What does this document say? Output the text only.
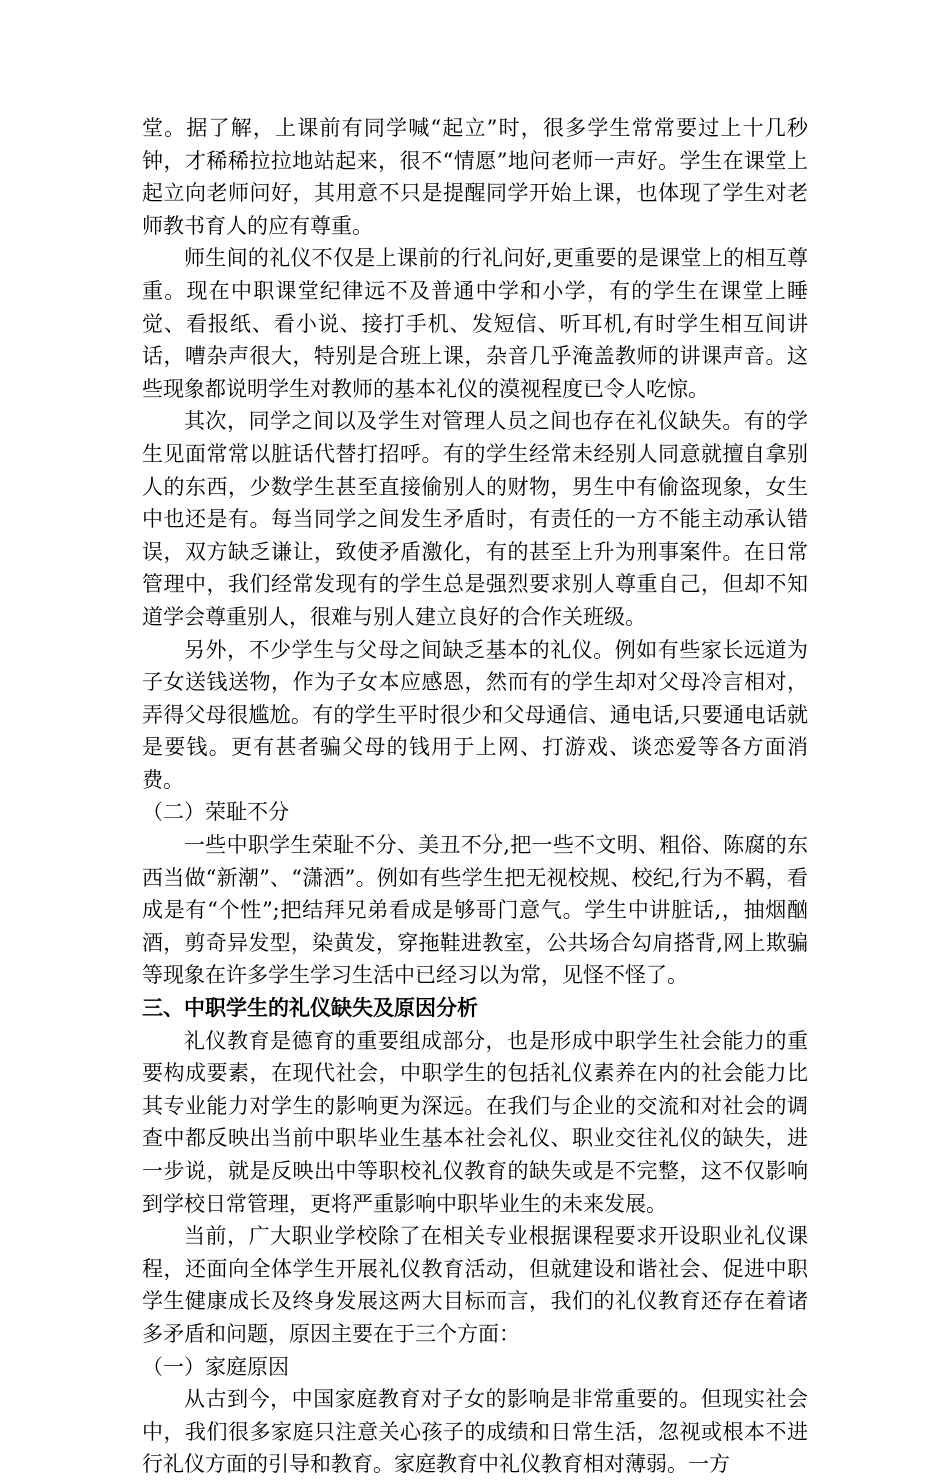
堂。据了解，上课前有同学喊“起立”时，很多学生常常要过上十几秒钟，才稀稀拉拉地站起来，很不“情愿”地问老师一声好。学生在课堂上起立向老师问好，其用意不只是提醒同学开始上课，也体现了学生对老师教书育人的应有尊重。

师生间的礼仪不仅是上课前的行礼问好,更重要的是课堂上的相互尊重。现在中职课堂纪律远不及普通中学和小学，有的学生在课堂上睡觉、看报纸、看小说、接打手机、发短信、听耳机,有时学生相互间讲话，嘈杂声很大，特别是合班上课，杂音几乎淹盖教师的讲课声音。这些现象都说明学生对教师的基本礼仪的漠视程度已令人吃惊。

其次，同学之间以及学生对管理人员之间也存在礼仪缺失。有的学生见面常常以脏话代替打招呼。有的学生经常未经别人同意就擅自拿别人的东西，少数学生甚至直接偷别人的财物，男生中有偷盗现象，女生中也还是有。每当同学之间发生矛盾时，有责任的一方不能主动承认错误，双方缺乏谦让，致使矛盾激化，有的甚至上升为刑事案件。在日常管理中，我们经常发现有的学生总是强烈要求别人尊重自己，但却不知道学会尊重别人，很难与别人建立良好的合作关班级。

另外，不少学生与父母之间缺乏基本的礼仪。例如有些家长远道为子女送钱送物，作为子女本应感恩，然而有的学生却对父母冷言相对，弄得父母很尴尬。有的学生平时很少和父母通信、通电话,只要通电话就是要钱。更有甚者骗父母的钱用于上网、打游戏、谈恋爱等各方面消费。

（二）荣耻不分

一些中职学生荣耻不分、美丑不分,把一些不文明、粗俗、陈腐的东西当做“新潮”、“潇洒”。例如有些学生把无视校规、校纪,行为不羁，看成是有“个性”;把结拜兄弟看成是够哥门意气。学生中讲脏话,，抽烟酗酒，剪奇异发型，染黄发，穿拖鞋进教室，公共场合勾肩搭背,网上欺骗等现象在许多学生学习生活中已经习以为常，见怪不怪了。

三、中职学生的礼仪缺失及原因分析

礼仪教育是德育的重要组成部分，也是形成中职学生社会能力的重要构成要素，在现代社会，中职学生的包括礼仪素养在内的社会能力比其专业能力对学生的影响更为深远。在我们与企业的交流和对社会的调查中都反映出当前中职毕业生基本社会礼仪、职业交往礼仪的缺失，进一步说，就是反映出中等职校礼仪教育的缺失或是不完整，这不仅影响到学校日常管理，更将严重影响中职毕业生的未来发展。

当前，广大职业学校除了在相关专业根据课程要求开设职业礼仪课程，还面向全体学生开展礼仪教育活动，但就建设和谐社会、促进中职学生健康成长及终身发展这两大目标而言，我们的礼仪教育还存在着诸多矛盾和问题，原因主要在于三个方面：

（一）家庭原因

从古到今，中国家庭教育对子女的影响是非常重要的。但现实社会中，我们很多家庭只注意关心孩子的成绩和日常生活，忽视或根本不进行礼仪方面的引导和教育。家庭教育中礼仪教育相对薄弱。一方
